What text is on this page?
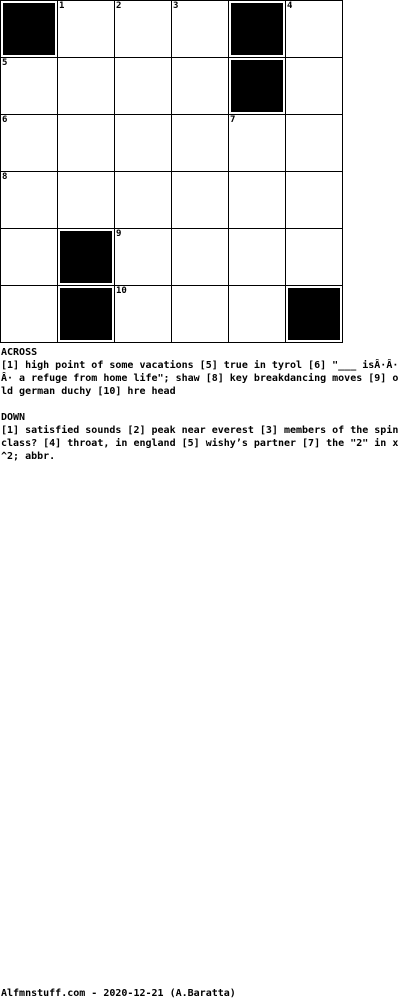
1	2	3	4
5
6	7
8
9
10

ACROSS

[1] high point of some vacations [5] true in tyrol [6] "___ isÂ·Â·Â· a refuge from home life"; shaw [8] key breakdancing moves [9] old german duchy [10] hre head

DOWN

[1] satisfied sounds [2] peak near everest [3] members of the spin class? [4] throat, in england [5] wishy’s partner [7] the "2" in x^2; abbr.

Alfmnstuff.com - 2020-12-21 (A.Baratta)
